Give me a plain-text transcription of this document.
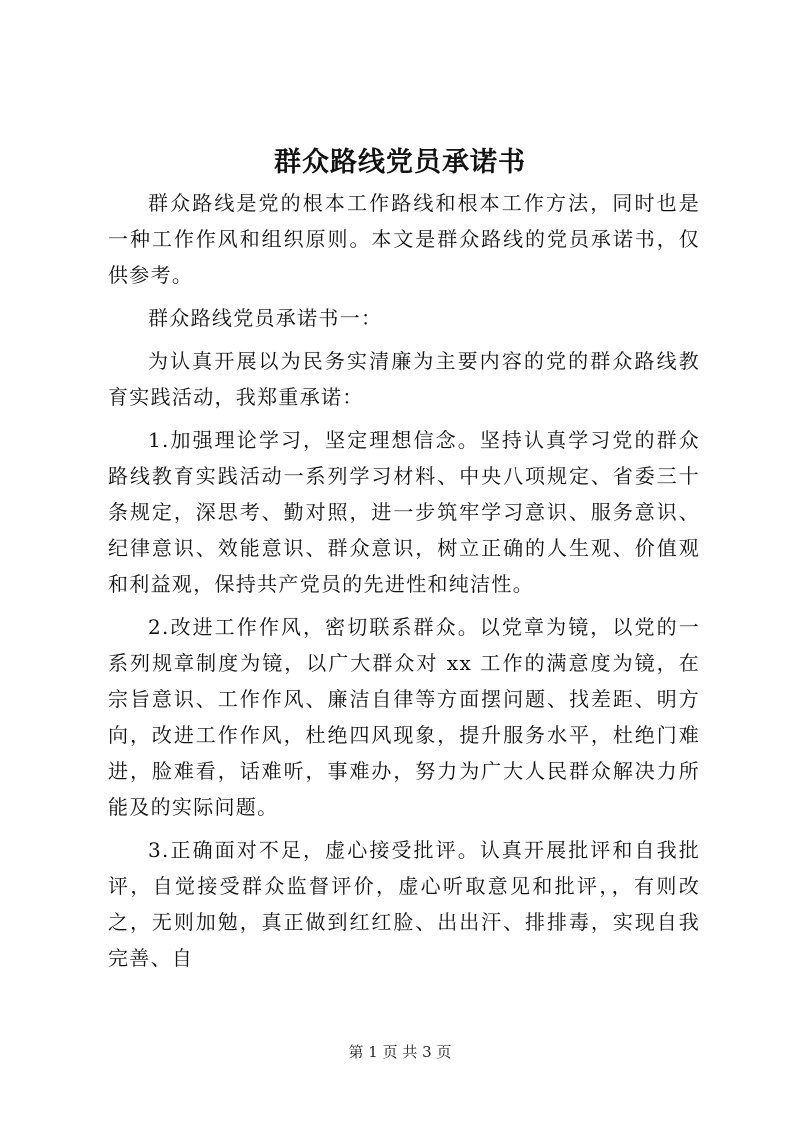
群众路线党员承诺书

群众路线是党的根本工作路线和根本工作方法，同时也是一种工作作风和组织原则。本文是群众路线的党员承诺书，仅供参考。

群众路线党员承诺书一：

为认真开展以为民务实清廉为主要内容的党的群众路线教育实践活动，我郑重承诺：

1.加强理论学习，坚定理想信念。坚持认真学习党的群众路线教育实践活动一系列学习材料、中央八项规定、省委三十条规定，深思考、勤对照，进一步筑牢学习意识、服务意识、纪律意识、效能意识、群众意识，树立正确的人生观、价值观和利益观，保持共产党员的先进性和纯洁性。

2.改进工作作风，密切联系群众。以党章为镜，以党的一系列规章制度为镜，以广大群众对 xx 工作的满意度为镜，在宗旨意识、工作作风、廉洁自律等方面摆问题、找差距、明方向，改进工作作风，杜绝四风现象，提升服务水平，杜绝门难进，脸难看，话难听，事难办，努力为广大人民群众解决力所能及的实际问题。

3.正确面对不足，虚心接受批评。认真开展批评和自我批评，自觉接受群众监督评价，虚心听取意见和批评，，有则改之，无则加勉，真正做到红红脸、出出汗、排排毒，实现自我完善、自

第 1 页 共 3 页
